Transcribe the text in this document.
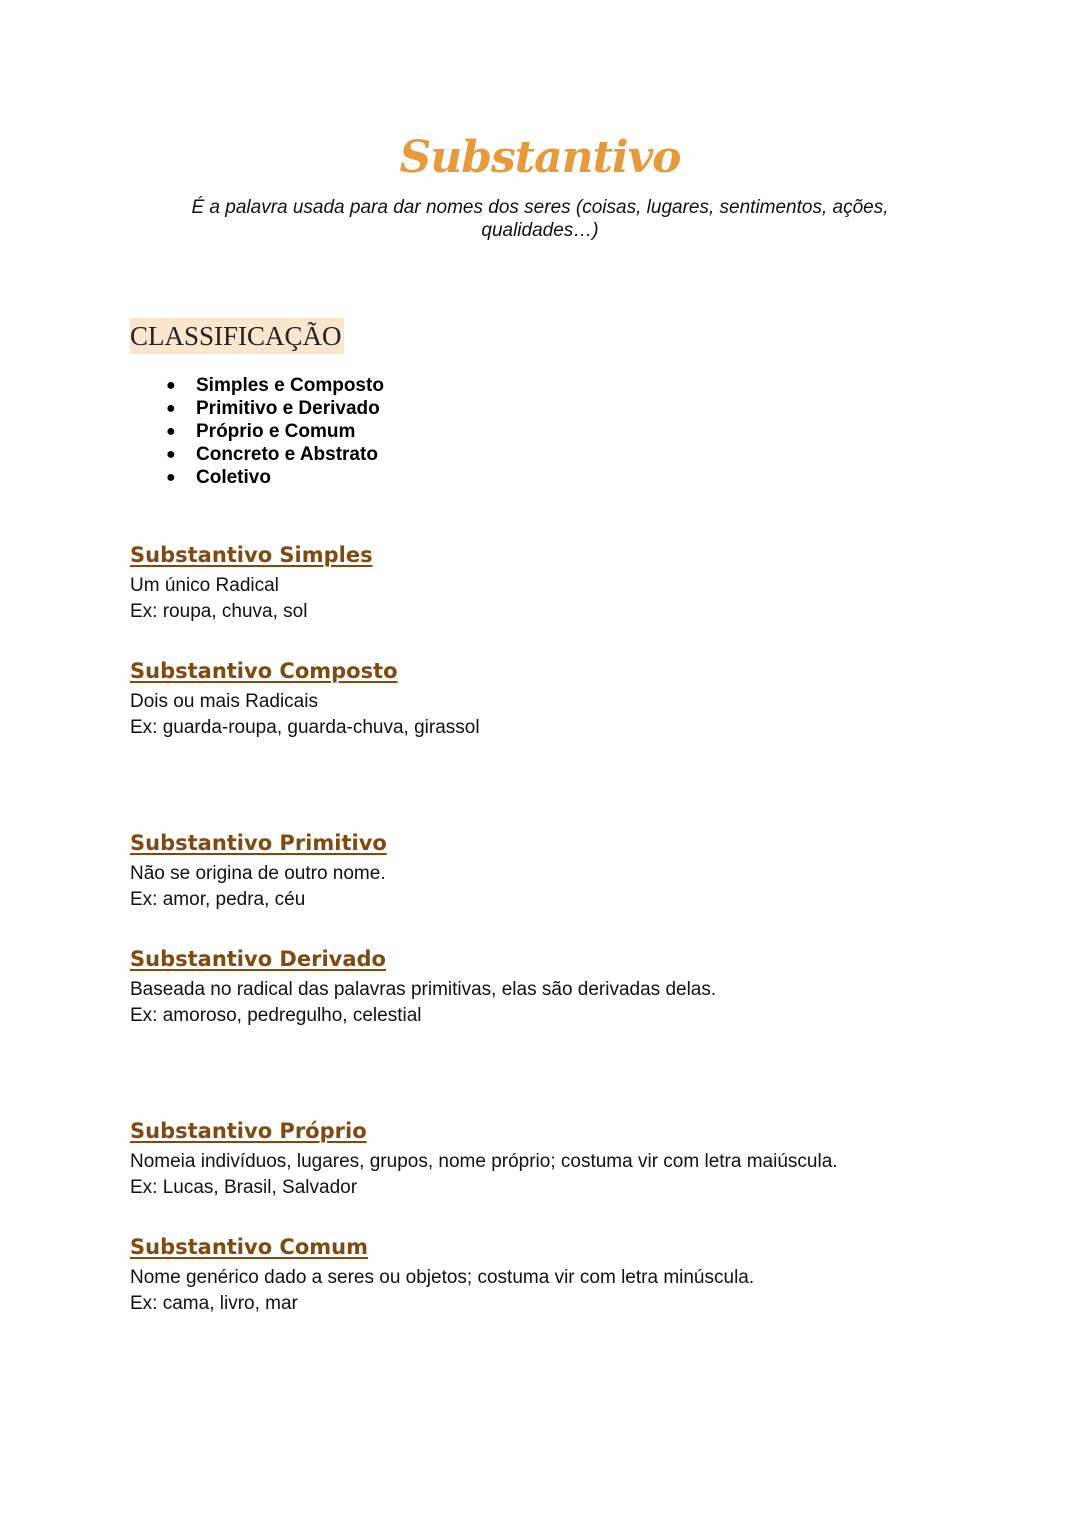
Substantivo
É a palavra usada para dar nomes dos seres (coisas, lugares, sentimentos, ações, qualidades…)
CLASSIFICAÇÃO
● Simples e Composto
● Primitivo e Derivado
● Próprio e Comum
● Concreto e Abstrato
● Coletivo
Substantivo Simples

Um único Radical

Ex: roupa, chuva, sol

Substantivo Composto

Dois ou mais Radicais

Ex: guarda-roupa, guarda-chuva, girassol

Substantivo Primitivo

Não se origina de outro nome.

Ex: amor, pedra, céu

Substantivo Derivado

Baseada no radical das palavras primitivas, elas são derivadas delas.

Ex: amoroso, pedregulho, celestial

Substantivo Próprio

Nomeia indivíduos, lugares, grupos, nome próprio; costuma vir com letra maiúscula.

Ex: Lucas, Brasil, Salvador

Substantivo Comum

Nome genérico dado a seres ou objetos; costuma vir com letra minúscula.

Ex: cama, livro, mar
